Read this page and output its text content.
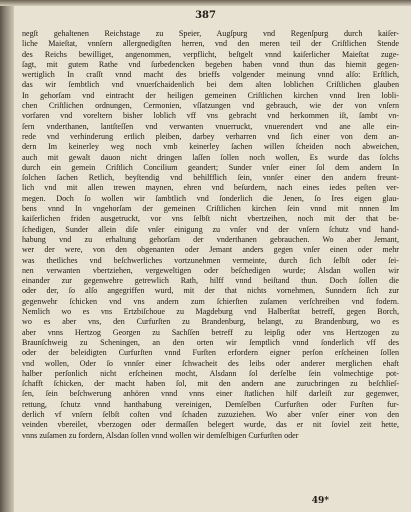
387
negſt gehaltenen Reichstage zu Speier, Augſpurg vnd Regenſpurg durch kaiſer-
liche Maieſtat, vnnſern allergnedigſten herren, vnd den meren teil der Criſtlichen Stende
des Reichs bewilliget, angenommen, verpflicht, beſtgelt vnnd kaiſerlicher Maieſtat zuge-
ſagt, mit gutem Rathe vnd ſurbedencken begeben haben vnnd thun das hiemit gegen-
wertiglich In craſſt vnnd macht des brieffs volgender meinung vnnd alſo: Erſtlich,
das wir ſembtlich vnd vnuerſchaidenlich bei dem alten loblichen Criſtlichen glauben
In gehorſam vnd eintracht der heiligen gemeinen Criſtlichen kirchen vnnd Iren lobli-
chen Criſtlichen ordnungen, Cermonien, vſſatzungen vnd gebrauch, wie der von vnſern
vorfaren vnd voreltern bisher loblich vff vns gebracht vnd herkommen iſt, ſambt vn-
ſern vnderthanen, lantſteſſen vnd verwanten vnuerruckt, vnuerendert vnd ane alle ein-
rede vnd verhinderung ertlich pleiben, darbey verharren vnd ſich einer von dem an-
dern Im keinerley weg noch vmb keinerley ſachen willen ſcheiden noch abweichen,
auch mit gewalt dauon nicht dringen laſſen ſollen noch wollen, Es wurde das ſolchs
durch ein gemein Criſtlich Concilium geandert; Sunder vnſer einer ſol dem andern In
ſolchen ſachen Retlich, beyſtendig vnd behilfflich ſein, vnnſer einer den andern freunt-
lich vnd mit allen trewen maynen, ehren vnd beſurdern, nach eines iedes peſten ver-
megen. Doch ſo wollen wir ſambtlich vnd ſonderlich die Jenen, ſo Ires eigen glau-
bens vnnd In vngehorſam der gemeinen Criſtlichen kirchen ſein vnnd mit nnnen Im
kaiſerlichen friden ausgetruckt, vor vns ſelbſt nicht vbertzeihen, noch mit der that be-
ſchedigen, Sunder allein diſe vnſer einigung zu vnſer vnd der vnſern ſchutz vnd hand-
habung vnd zu erhaltung gehorſam der vnderthanen gebrauchen. Wo aber Jemant,
wer der were, von den obgenanten oder Jemant anders gegen vnſer einen oder mehr
was thetliches vnd beſchwerliches vortzunehmen vermeinte, durch ſich ſelbſt oder ſei-
nen verwanten vbertziehen, vergeweltigen oder beſchedigen wurde; Alsdan wollen wir
einander zur gegenwehre getrewlich Rath, hilff vnnd beiſtand thun. Doch ſollen die
oder der, ſo alſo angegriffen wurd, mit der that nichts vornehmen, Sunndern ſich zur
gegenwehr ſchicken vnd vns andern zum ſchierſten zuſamen verſchreiben vnd fodern.
Nemlich wo es vns Ertzbiſchoue zu Magdeburg vnd Halberſtat betreff, gegen Borch,
wo es aber vns, den Curfurſten zu Brandenburg, belangt, zu Brandenburg, wo es
aber vnns Hertzog Georgen zu Sachſſen betreff zu leipſig oder vns Hertzogen zu
Braunſchweig zu Scheningen, an den orten wir ſemptlich vnnd ſonderlich vff des
oder der beleidigten Curfurſten vnnd Furſten erfordern eigner perſon erſcheinen ſollen
vnd wollen, Oder ſo vnnſer einer ſchwacheit des leibs oder anderer merglichen ehaft
halber perſonlich nicht erſcheinen mocht, Alsdann ſol derſelbe ſein volmechtige pot-
ſchafft ſchicken, der macht haben ſol, mit den andern ane zurucbringen zu beſchlieſ-
ſen, ſein beſchwerung anhören vnnd vnns einer ſtatlichen hilf darleiſt zur gegenwer,
rettung, ſchutz vnnd hanthabung vereinigen, Demſelben Curfurſten oder Furſten fur-
derlich vf vnſern ſelbſt coſten vnd ſchaden zuzuziehen. Wo aber vnſer einer von den
veinden vbereilet, vberzogen oder dermaſſen belegert wurde, das er nit ſoviel zeit hette,
vnns zuſamen zu fordern, Alsdan ſollen vnnd wollen wir demſelbigen Curfurſten oder
49*
